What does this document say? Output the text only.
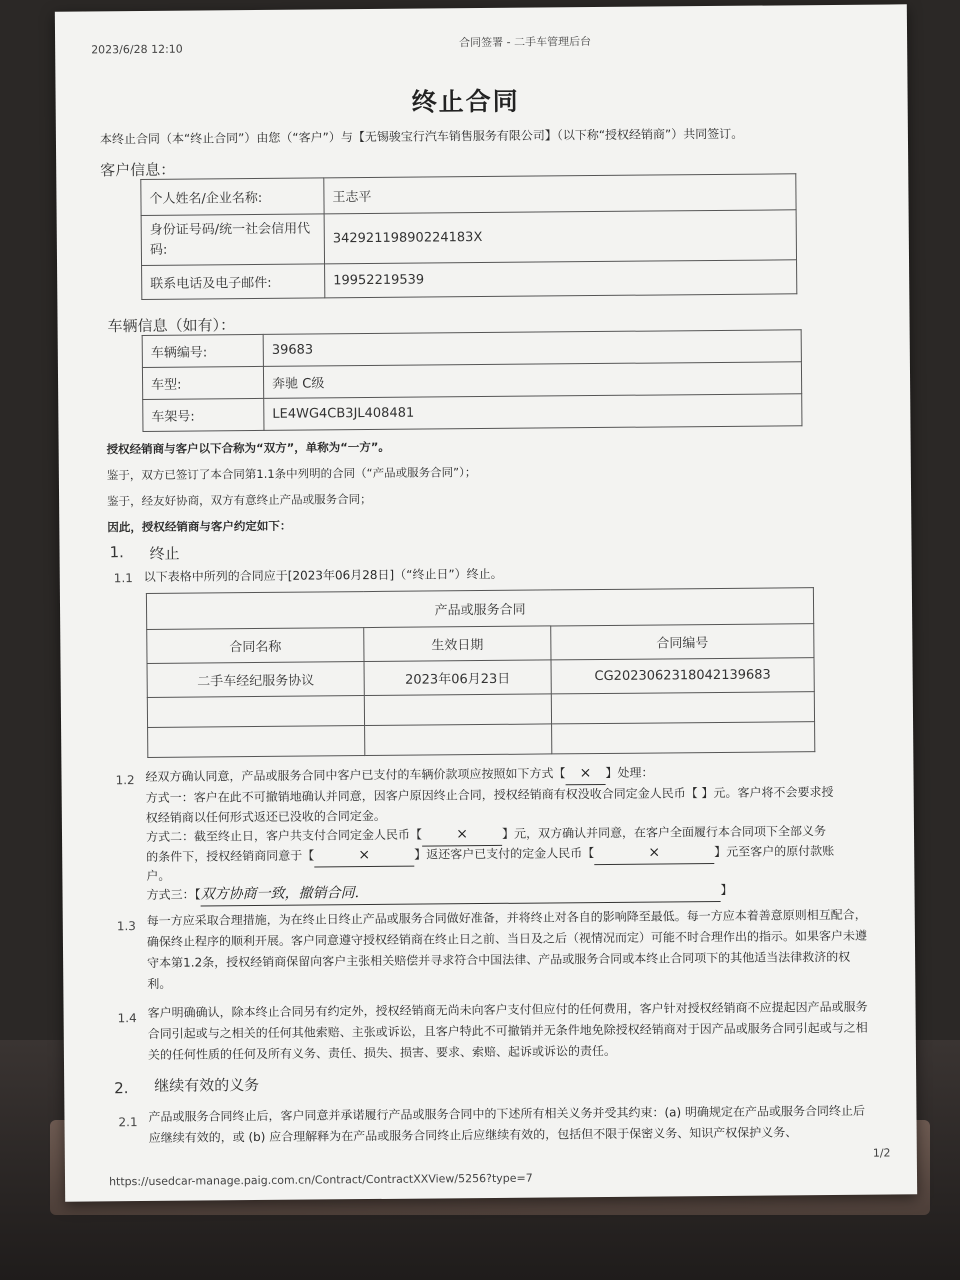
2023/6/28 12:10
合同签署 - 二手车管理后台
终止合同
本终止合同（本“终止合同”）由您（“客户”）与【无锡骏宝行汽车销售服务有限公司】（以下称“授权经销商”）共同签订。
客户信息：
个人姓名/企业名称:	王志平
身份证号码/统一社会信用代码:	34292119890224183X
联系电话及电子邮件:	19952219539
车辆信息（如有）：
车辆编号:	39683
车型:	奔驰 C级
车架号:	LE4WG4CB3JL408481
授权经销商与客户以下合称为“双方”，单称为“一方”。
鉴于，双方已签订了本合同第1.1条中列明的合同（“产品或服务合同”）；
鉴于，经友好协商，双方有意终止产品或服务合同；
因此，授权经销商与客户约定如下：
1. 终止
1.1 以下表格中所列的合同应于[2023年06月28日]（“终止日”）终止。
产品或服务合同		
合同名称	生效日期	合同编号
二手车经纪服务协议	2023年06月23日	CG2023062318042139683

1.2 经双方确认同意，产品或服务合同中客户已支付的车辆价款项应按照如下方式【 × 】处理：
方式一：客户在此不可撤销地确认并同意，因客户原因终止合同，授权经销商有权没收合同定金人民币【 】元。客户将不会要求授
权经销商以任何形式返还已没收的合同定金。
方式二：截至终止日，客户共支付合同定金人民币【 ×	】元，双方确认并同意，在客户全面履行本合同项下全部义务
的条件下，授权经销商同意于【	×	】返还客户已支付的定金人民币【	×	】元至客户的原付款账
户。
方式三：【双方协商一致，撤销合同.	】
1.3 每一方应采取合理措施，为在终止日终止产品或服务合同做好准备，并将终止对各自的影响降至最低。每一方应本着善意原则相互配合，确保终止程序的顺利开展。客户同意遵守授权经销商在终止日之前、当日及之后（视情况而定）可能不时合理作出的指示。如果客户未遵守本第1.2条，授权经销商保留向客户主张相关赔偿并寻求符合中国法律、产品或服务合同或本终止合同项下的其他适当法律救济的权利。
1.4 客户明确确认，除本终止合同另有约定外，授权经销商无尚未向客户支付但应付的任何费用，客户针对授权经销商不应提起因产品或服务合同引起或与之相关的任何其他索赔、主张或诉讼，且客户特此不可撤销并无条件地免除授权经销商对于因产品或服务合同引起或与之相关的任何性质的任何及所有义务、责任、损失、损害、要求、索赔、起诉或诉讼的责任。
2. 继续有效的义务
2.1 产品或服务合同终止后，客户同意并承诺履行产品或服务合同中的下述所有相关义务并受其约束：(a) 明确规定在产品或服务合同终止后应继续有效的，或 (b) 应合理解释为在产品或服务合同终止后应继续有效的，包括但不限于保密义务、知识产权保护义务、
https://usedcar-manage.paig.com.cn/Contract/ContractXXView/5256?type=7
1/2
